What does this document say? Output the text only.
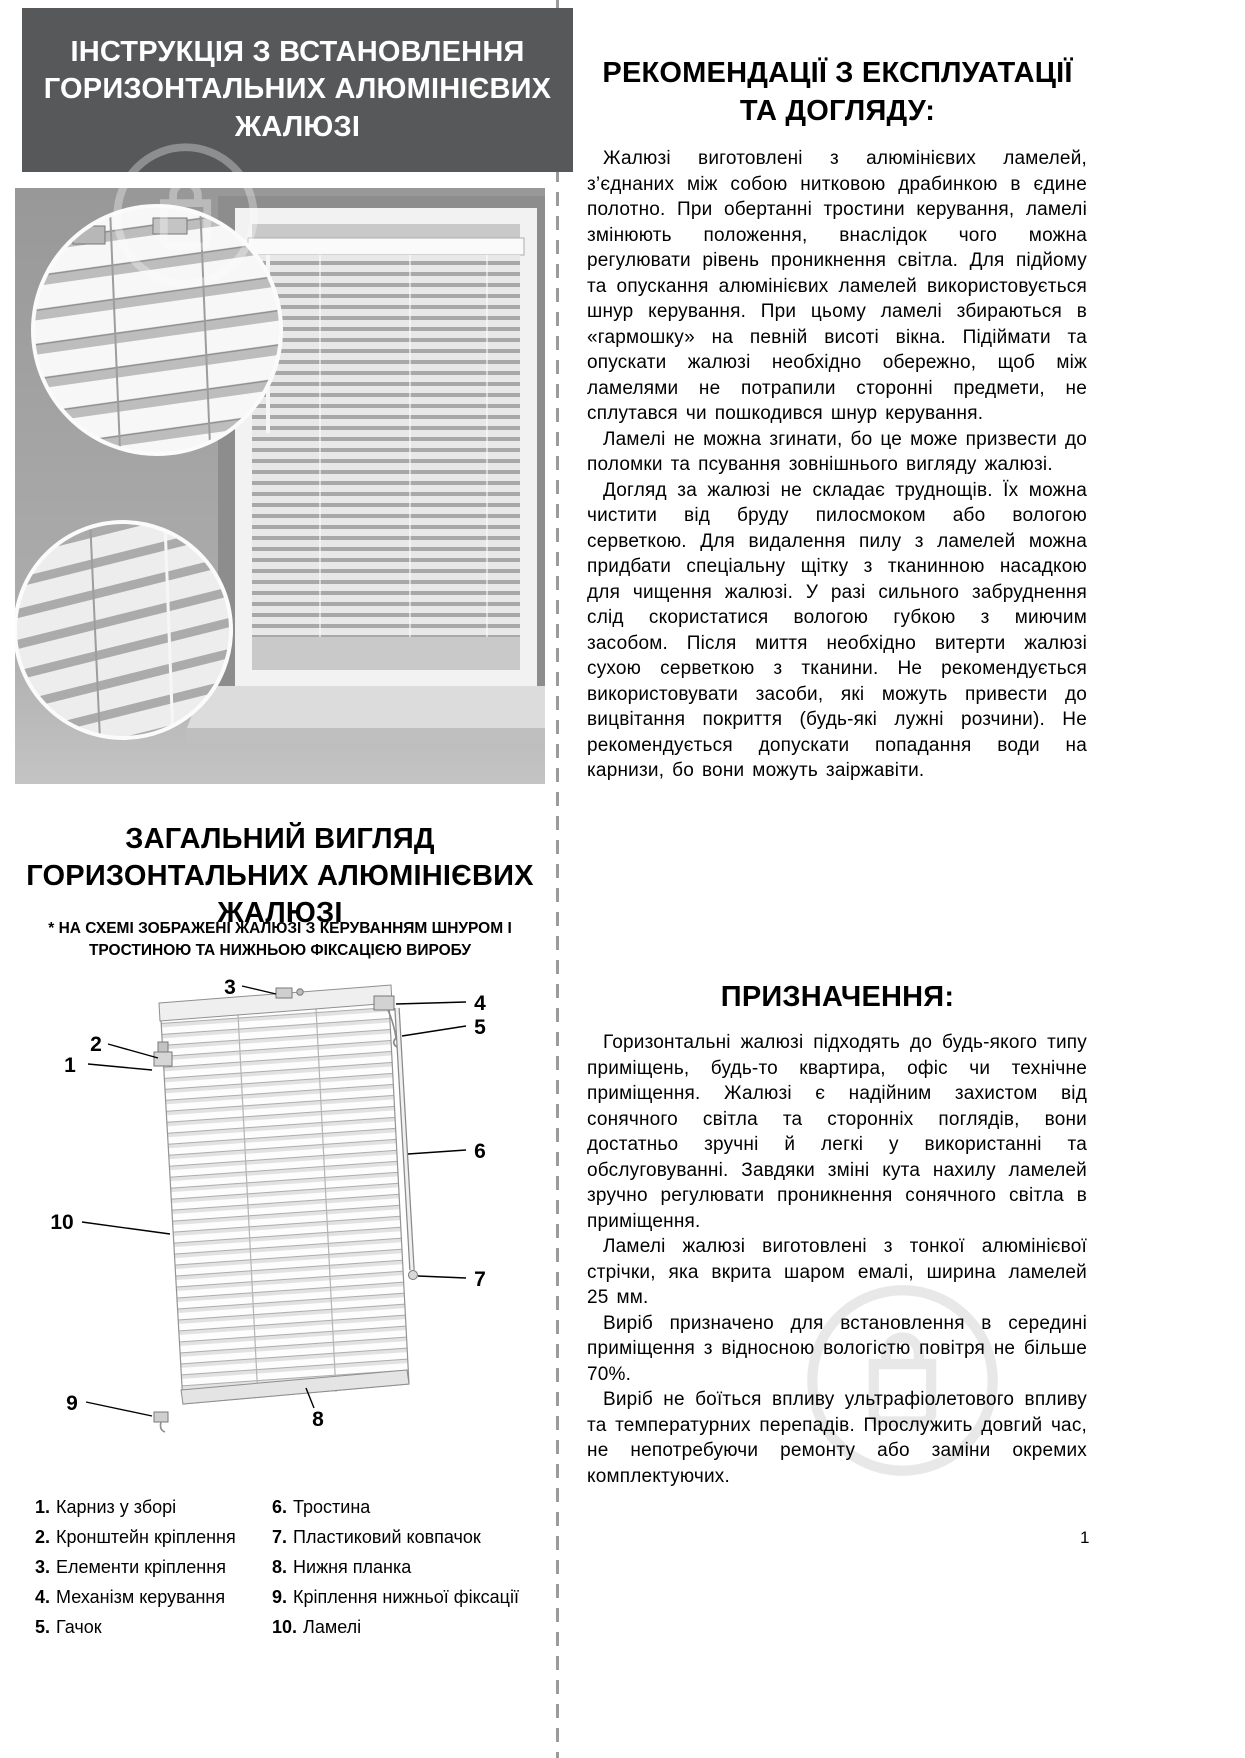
ІНСТРУКЦІЯ З ВСТАНОВЛЕННЯ ГОРИЗОНТАЛЬНИХ АЛЮМІНІЄВИХ ЖАЛЮЗІ
ЗАГАЛЬНИЙ ВИГЛЯД ГОРИЗОНТАЛЬНИХ АЛЮМІНІЄВИХ ЖАЛЮЗІ
* НА СХЕМІ ЗОБРАЖЕНІ ЖАЛЮЗІ З КЕРУВАННЯМ ШНУРОМ І ТРОСТИНОЮ ТА НИЖНЬОЮ ФІКСАЦІЄЮ ВИРОБУ
1
2
3
4
5
6
7
8
9
10
1. Карниз у зборі
2. Кронштейн кріплення
3. Елементи кріплення
4. Механізм керування
5. Гачок
6. Тростина
7. Пластиковий ковпачок
8. Нижня планка
9. Кріплення нижньої фіксації
10. Ламелі
РЕКОМЕНДАЦІЇ З ЕКСПЛУАТАЦІЇ ТА ДОГЛЯДУ:

Жалюзі виготовлені з алюмінієвих ламелей, з’єднаних між собою нитковою драбинкою в єдине полотно. При обертанні тростини керування, ламелі змінюють положення, внаслідок чого можна регулювати рівень проникнення світла. Для підйому та опускання алюмінієвих ламелей використовується шнур керування. При цьому ламелі збираються в «гармошку» на певній висоті вікна. Підіймати та опускати жалюзі необхідно обережно, щоб між ламелями не потрапили сторонні предмети, не сплутався чи пошкодився шнур керування.

Ламелі не можна згинати, бо це може призвести до поломки та псування зовнішнього вигляду жалюзі.

Догляд за жалюзі не складає труднощів. Їх можна чистити від бруду пилосмоком або вологою серветкою. Для видалення пилу з ламелей можна придбати спеціальну щітку з тканинною насадкою для чищення жалюзі. У разі сильного забруднення слід скористатися вологою губкою з миючим засобом. Після миття необхідно витерти жалюзі сухою серветкою з тканини. Не рекомендується використовувати засоби, які можуть привести до вицвітання покриття (будь-які лужні розчини). Не рекомендується допускати попадання води на карнизи, бо вони можуть заіржавіти.

ПРИЗНАЧЕННЯ:

Горизонтальні жалюзі підходять до будь-якого типу приміщень, будь-то квартира, офіс чи технічне приміщення. Жалюзі є надійним захистом від сонячного світла та сторонніх поглядів, вони достатньо зручні й легкі у використанні та обслуговуванні. Завдяки зміні кута нахилу ламелей зручно регулювати проникнення сонячного світла в приміщення.

Ламелі жалюзі виготовлені з тонкої алюмінієвої стрічки, яка вкрита шаром емалі, ширина ламелей 25 мм.

Виріб призначено для встановлення в середині приміщення з відносною вологістю повітря не більше 70%.

Виріб не боїться впливу ультрафіолетового впливу та температурних перепадів. Прослужить довгий час, не непотребуючи ремонту або заміни окремих комплектуючих.

1
